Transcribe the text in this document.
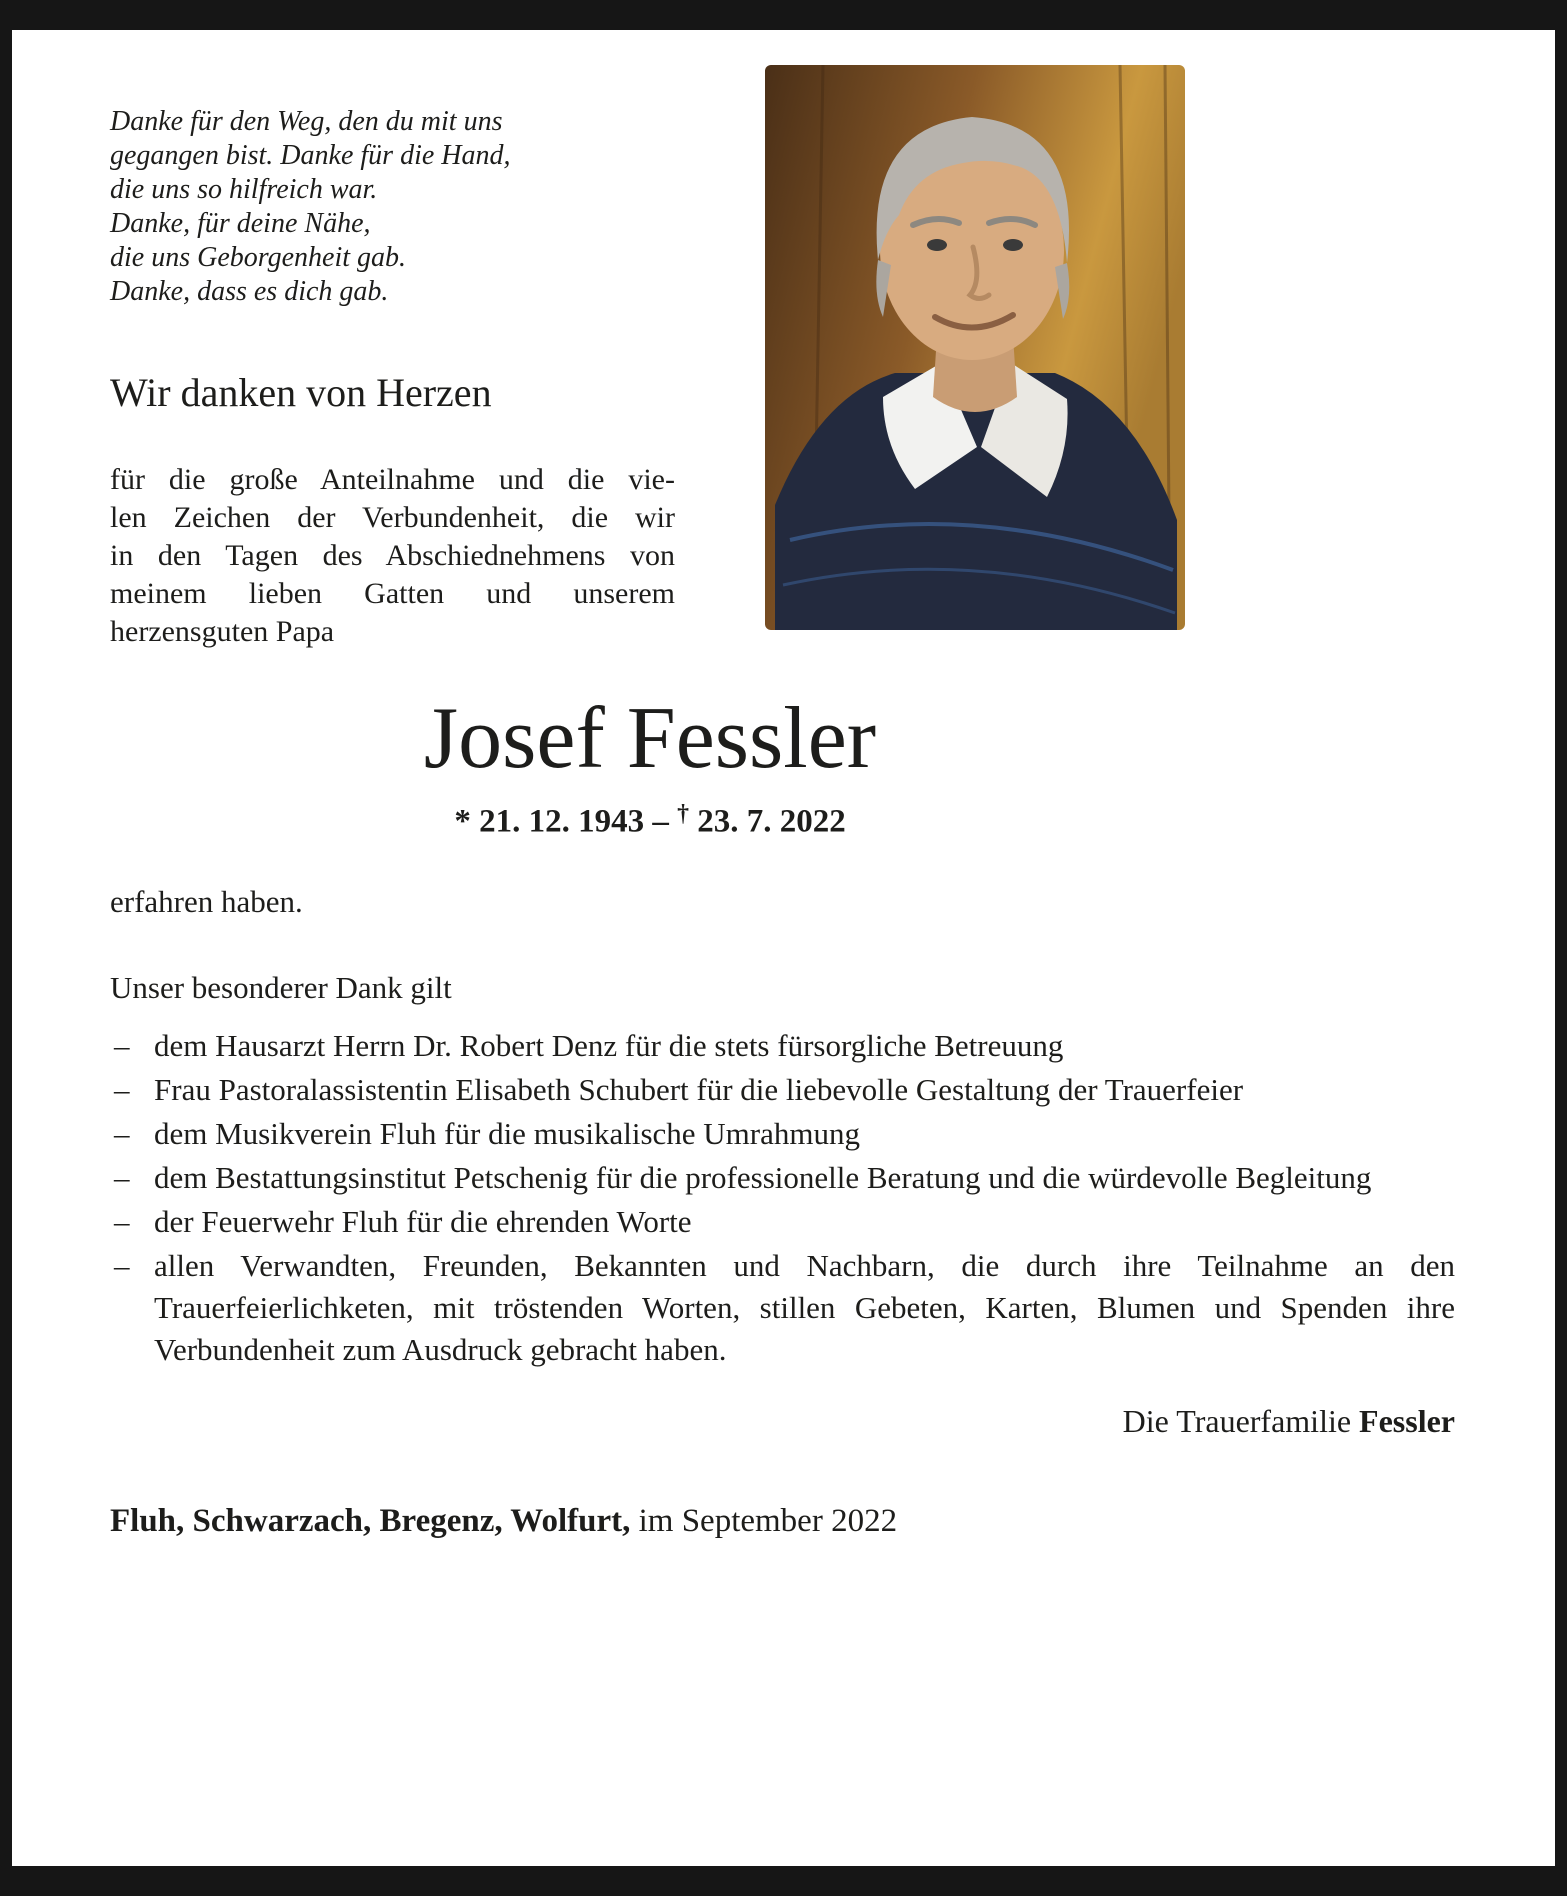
Danke für den Weg, den du mit uns
gegangen bist. Danke für die Hand,
die uns so hilfreich war.
Danke, für deine Nähe,
die uns Geborgenheit gab.
Danke, dass es dich gab.
Wir danken von Herzen
für die große Anteilnahme und die vie-
len Zeichen der Verbundenheit, die wir
in den Tagen des Abschiednehmens von
meinem lieben Gatten und unserem
herzensguten Papa
Josef Fessler
* 21. 12. 1943 – † 23. 7. 2022
erfahren haben.
Unser besonderer Dank gilt
– dem Hausarzt Herrn Dr. Robert Denz für die stets fürsorgliche Betreuung
– Frau Pastoralassistentin Elisabeth Schubert für die liebevolle Gestaltung der Trauerfeier
– dem Musikverein Fluh für die musikalische Umrahmung
– dem Bestattungsinstitut Petschenig für die professionelle Beratung und die würdevolle Begleitung
– der Feuerwehr Fluh für die ehrenden Worte
– allen Verwandten, Freunden, Bekannten und Nachbarn, die durch ihre Teilnahme an den Trauerfeierlichketen, mit tröstenden Worten, stillen Gebeten, Karten, Blumen und Spenden ihre Verbundenheit zum Ausdruck gebracht haben.
Die Trauerfamilie Fessler
Fluh, Schwarzach, Bregenz, Wolfurt, im September 2022
